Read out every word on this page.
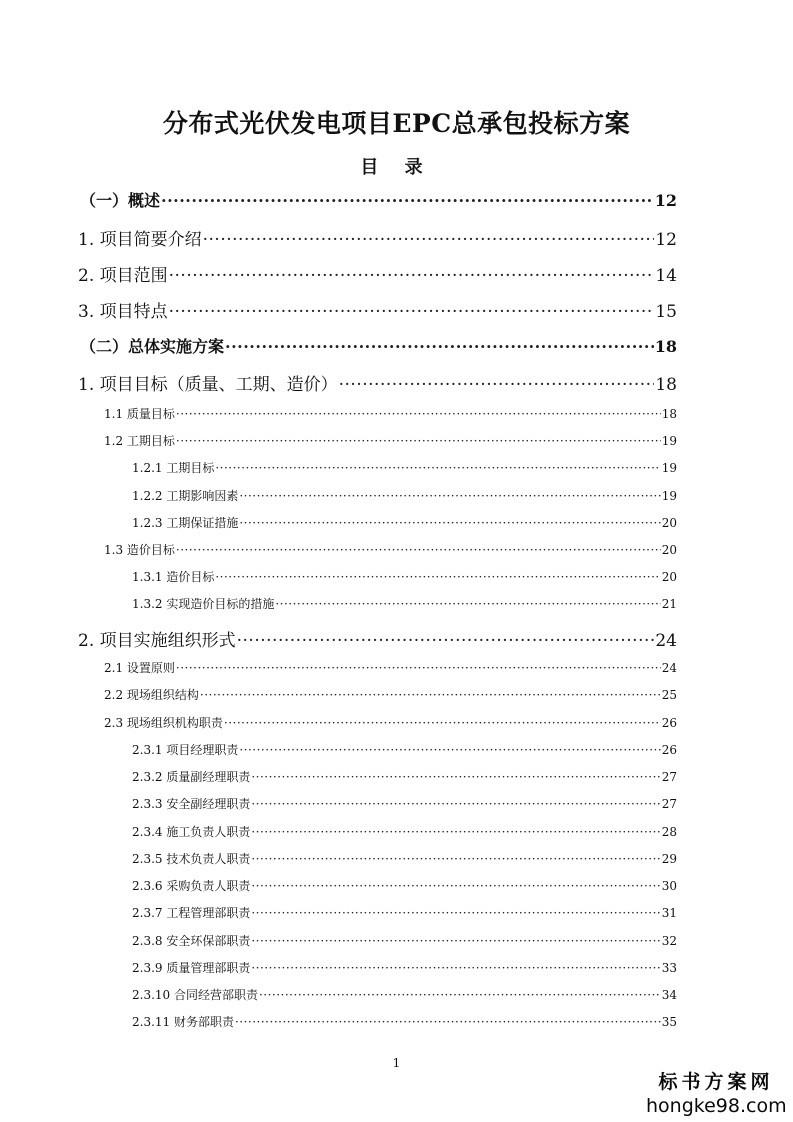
分布式光伏发电项目EPC总承包投标方案
目 录
（一）概述 ·····	12
1. 项目简要介绍 ·····	12
2. 项目范围 ·····	14
3. 项目特点 ·····	15
（二）总体实施方案 ·····	18
1. 项目目标（质量、工期、造价） ·····	18
1.1 质量目标 ·····	18
1.2 工期目标 ·····	19
1.2.1 工期目标 ·····	19
1.2.2 工期影响因素 ·····	19
1.2.3 工期保证措施 ·····	20
1.3 造价目标 ·····	20
1.3.1 造价目标 ·····	20
1.3.2 实现造价目标的措施 ·····	21
2. 项目实施组织形式 ·····	24
2.1 设置原则 ·····	24
2.2 现场组织结构 ·····	25
2.3 现场组织机构职责 ·····	26
2.3.1 项目经理职责 ·····	26
2.3.2 质量副经理职责 ·····	27
2.3.3 安全副经理职责 ·····	27
2.3.4 施工负责人职责 ·····	28
2.3.5 技术负责人职责 ·····	29
2.3.6 采购负责人职责 ·····	30
2.3.7 工程管理部职责 ·····	31
2.3.8 安全环保部职责 ·····	32
2.3.9 质量管理部职责 ·····	33
2.3.10 合同经营部职责 ·····	34
2.3.11 财务部职责 ·····	35
1
标书方案网
hongke98.com
